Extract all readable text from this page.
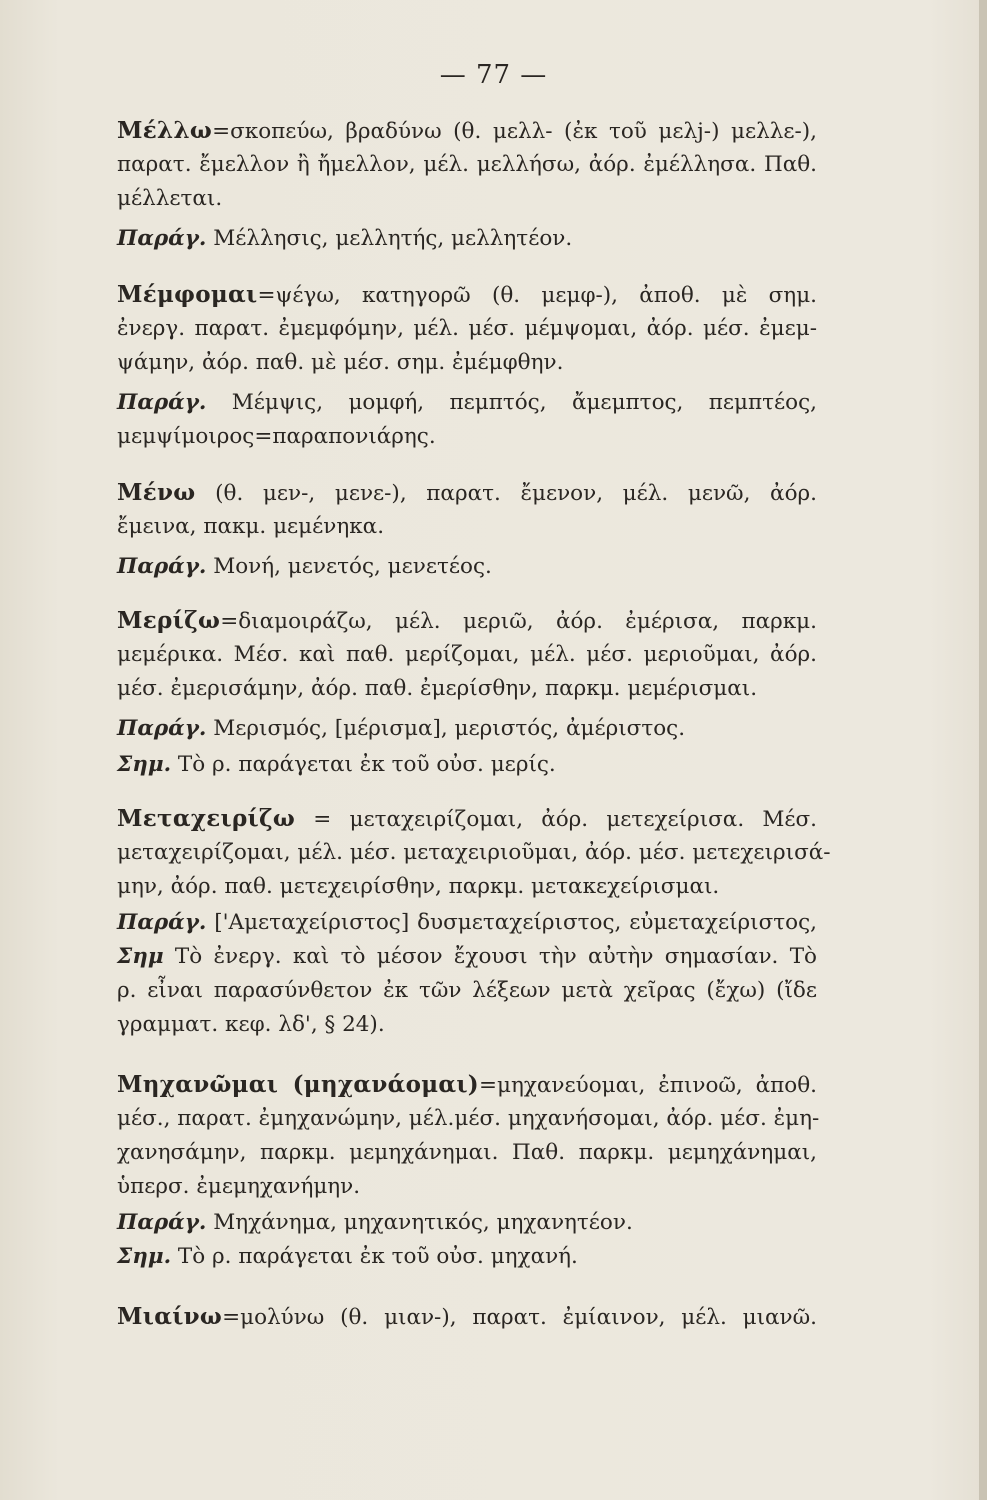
— 77 —
Μέλλω=σκοπεύω, βραδύνω (θ. μελλ- (ἐκ τοῦ μελj-) μελλε-),
παρατ. ἔμελλον ἢ ἤμελλον, μέλ. μελλήσω, ἀόρ. ἐμέλλησα. Παθ.
μέλλεται.
Παράγ. Μέλλησις, μελλητής, μελλητέον.
Μέμφομαι=ψέγω, κατηγορῶ (θ. μεμφ-), ἀποθ. μὲ σημ.
ἐνεργ. παρατ. ἐμεμφόμην, μέλ. μέσ. μέμψομαι, ἀόρ. μέσ. ἐμεμ-
ψάμην, ἀόρ. παθ. μὲ μέσ. σημ. ἐμέμφθην.
Παράγ. Μέμψις, μομφή, πεμπτός, ἄμεμπτος, πεμπτέος,
μεμψίμοιρος=παραπονιάρης.
Μένω (θ. μεν-, μενε-), παρατ. ἔμενον, μέλ. μενῶ, ἀόρ.
ἔμεινα, πακμ. μεμένηκα.
Παράγ. Μονή, μενετός, μενετέος.
Μερίζω=διαμοιράζω, μέλ. μεριῶ, ἀόρ. ἐμέρισα, παρκμ.
μεμέρικα. Μέσ. καὶ παθ. μερίζομαι, μέλ. μέσ. μεριοῦμαι, ἀόρ.
μέσ. ἐμερισάμην, ἀόρ. παθ. ἐμερίσθην, παρκμ. μεμέρισμαι.
Παράγ. Μερισμός, [μέρισμα], μεριστός, ἀμέριστος.
Σημ. Τὸ ρ. παράγεται ἐκ τοῦ οὐσ. μερίς.
Μεταχειρίζω = μεταχειρίζομαι, ἀόρ. μετεχείρισα. Μέσ.
μεταχειρίζομαι, μέλ. μέσ. μεταχειριοῦμαι, ἀόρ. μέσ. μετεχειρισά-
μην, ἀόρ. παθ. μετεχειρίσθην, παρκμ. μετακεχείρισμαι.
Παράγ. ['Αμεταχείριστος] δυσμεταχείριστος, εὐμεταχείριστος,
Σημ Τὸ ἐνεργ. καὶ τὸ μέσον ἔχουσι τὴν αὐτὴν σημασίαν. Τὸ
ρ. εἶναι παρασύνθετον ἐκ τῶν λέξεων μετὰ χεῖρας (ἔχω) (ἴδε
γραμματ. κεφ. λδ', § 24).
Μηχανῶμαι (μηχανάομαι)=μηχανεύομαι, ἐπινοῶ, ἀποθ.
μέσ., παρατ. ἐμηχανώμην, μέλ.μέσ. μηχανήσομαι, ἀόρ. μέσ. ἐμη-
χανησάμην, παρκμ. μεμηχάνημαι. Παθ. παρκμ. μεμηχάνημαι,
ὑπερσ. ἐμεμηχανήμην.
Παράγ. Μηχάνημα, μηχανητικός, μηχανητέον.
Σημ. Τὸ ρ. παράγεται ἐκ τοῦ οὐσ. μηχανή.
Μιαίνω=μολύνω (θ. μιαν-), παρατ. ἐμίαινον, μέλ. μιανῶ.
